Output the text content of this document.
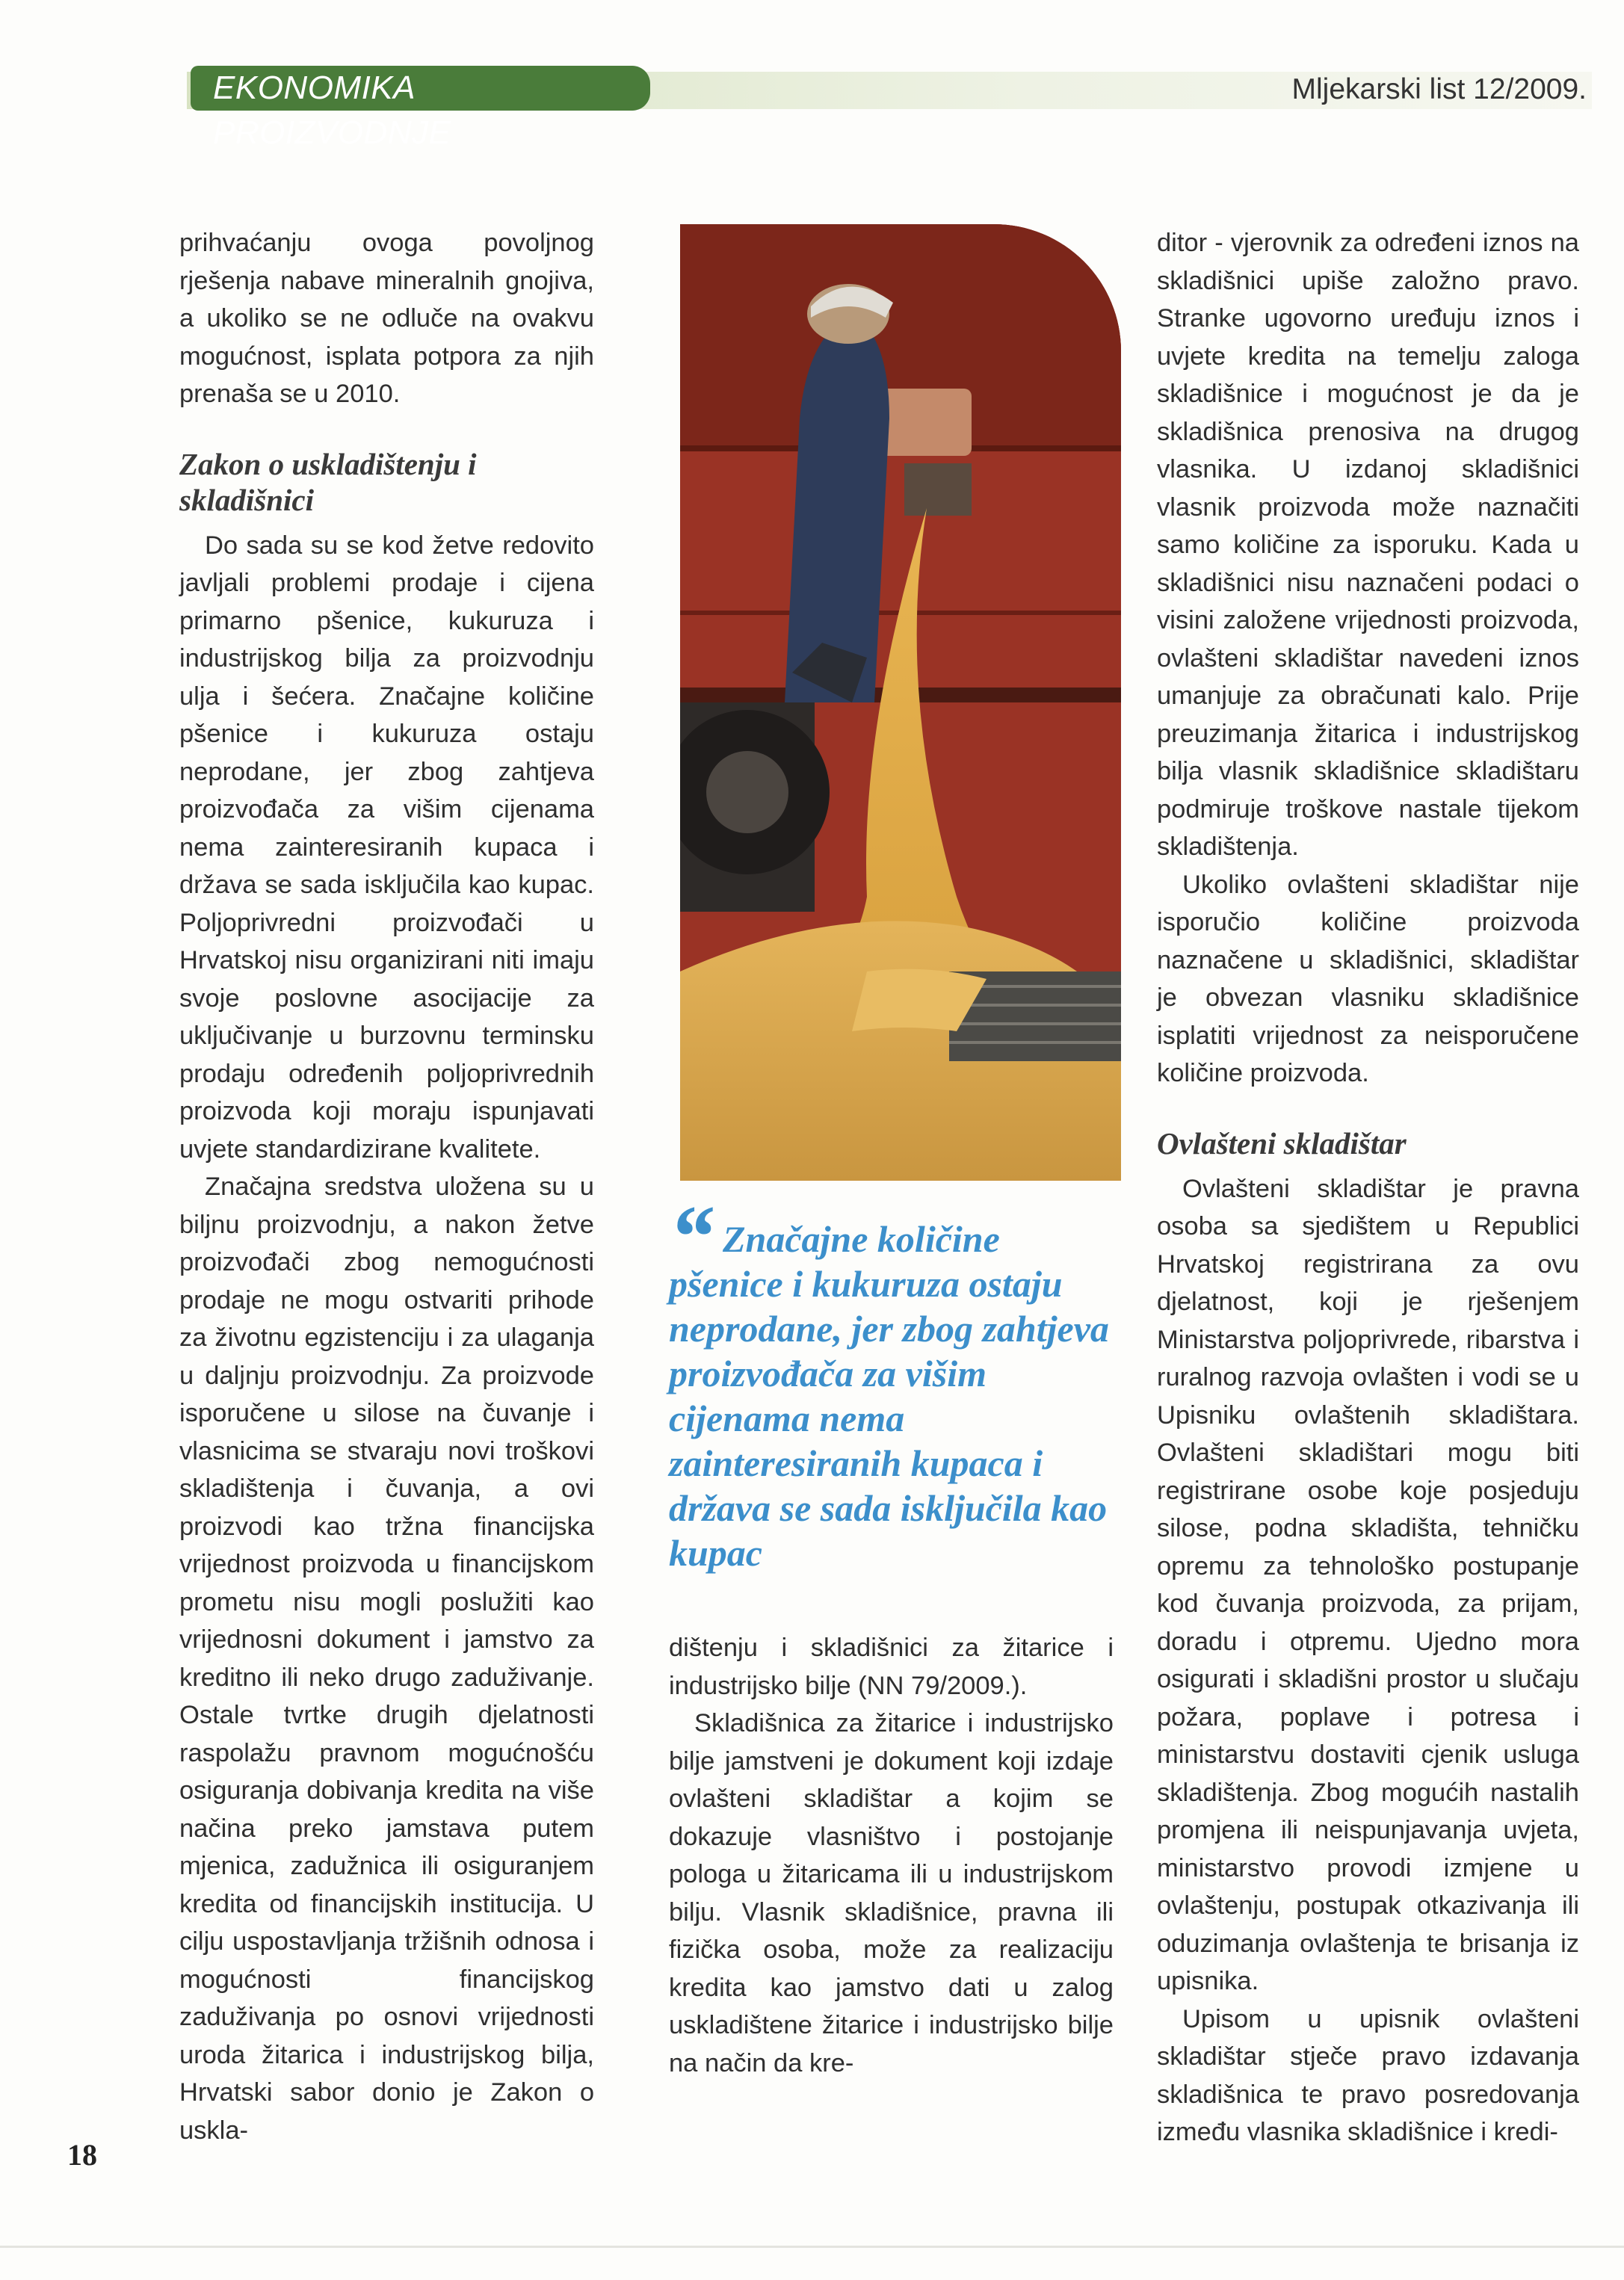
EKONOMIKA PROIZVODNJE
Mljekarski list 12/2009.

prihvaćanju ovoga povoljnog rješenja nabave mineralnih gnojiva, a ukoliko se ne odluče na ovakvu mogućnost, isplata potpora za njih prenaša se u 2010.

Zakon o uskladištenju i skladišnici

Do sada su se kod žetve redovito javljali problemi prodaje i cijena primarno pšenice, kukuruza i industrijskog bilja za proizvodnju ulja i šećera. Značajne količine pšenice i kukuruza ostaju neprodane, jer zbog zahtjeva proizvođača za višim cijenama nema zainteresiranih kupaca i država se sada isključila kao kupac. Poljoprivredni proizvođači u Hrvatskoj nisu organizirani niti imaju svoje poslovne asocijacije za uključivanje u burzovnu terminsku prodaju određenih poljoprivrednih proizvoda koji moraju ispunjavati uvjete standardizirane kvalitete.

Značajna sredstva uložena su u biljnu proizvodnju, a nakon žetve proizvođači zbog nemogućnosti prodaje ne mogu ostvariti prihode za životnu egzistenciju i za ulaganja u daljnju proizvodnju. Za proizvode isporučene u silose na čuvanje i vlasnicima se stvaraju novi troškovi skladištenja i čuvanja, a ovi proizvodi kao tržna financijska vrijednost proizvoda u financijskom prometu nisu mogli poslužiti kao vrijednosni dokument i jamstvo za kreditno ili neko drugo zaduživanje. Ostale tvrtke drugih djelatnosti raspolažu pravnom mogućnošću osiguranja dobivanja kredita na više načina preko jamstava putem mjenica, zadužnica ili osiguranjem kredita od financijskih institucija. U cilju uspostavljanja tržišnih odnosa i mogućnosti financijskog zaduživanja po osnovi vrijednosti uroda žitarica i industrijskog bilja, Hrvatski sabor donio je Zakon o uskla-

“ Značajne količine pšenice i kukuruza ostaju neprodane, jer zbog zahtjeva proizvođača za višim cijenama nema zainteresiranih kupaca i država se sada isključila kao kupac

dištenju i skladišnici za žitarice i industrijsko bilje (NN 79/2009.).

Skladišnica za žitarice i industrijsko bilje jamstveni je dokument koji izdaje ovlašteni skladištar a kojim se dokazuje vlasništvo i postojanje pologa u žitaricama ili u industrijskom bilju. Vlasnik skladišnice, pravna ili fizička osoba, može za realizaciju kredita kao jamstvo dati u zalog uskladištene žitarice i industrijsko bilje na način da kre-

ditor - vjerovnik za određeni iznos na skladišnici upiše založno pravo. Stranke ugovorno uređuju iznos i uvjete kredita na temelju zaloga skladišnice i mogućnost je da je skladišnica prenosiva na drugog vlasnika. U izdanoj skladišnici vlasnik proizvoda može naznačiti samo količine za isporuku. Kada u skladišnici nisu naznačeni podaci o visini založene vrijednosti proizvoda, ovlašteni skladištar navedeni iznos umanjuje za obračunati kalo. Prije preuzimanja žitarica i industrijskog bilja vlasnik skladišnice skladištaru podmiruje troškove nastale tijekom skladištenja.

Ukoliko ovlašteni skladištar nije isporučio količine proizvoda naznačene u skladišnici, skladištar je obvezan vlasniku skladišnice isplatiti vrijednost za neisporučene količine proizvoda.

Ovlašteni skladištar

Ovlašteni skladištar je pravna osoba sa sjedištem u Republici Hrvatskoj registrirana za ovu djelatnost, koji je rješenjem Ministarstva poljoprivrede, ribarstva i ruralnog razvoja ovlašten i vodi se u Upisniku ovlaštenih skladištara. Ovlašteni skladištari mogu biti registrirane osobe koje posjeduju silose, podna skladišta, tehničku opremu za tehnološko postupanje kod čuvanja proizvoda, za prijam, doradu i otpremu. Ujedno mora osigurati i skladišni prostor u slučaju požara, poplave i potresa i ministarstvu dostaviti cjenik usluga skladištenja. Zbog mogućih nastalih promjena ili neispunjavanja uvjeta, ministarstvo provodi izmjene u ovlaštenju, postupak otkazivanja ili oduzimanja ovlaštenja te brisanja iz upisnika.

Upisom u upisnik ovlašteni skladištar stječe pravo izdavanja skladišnica te pravo posredovanja između vlasnika skladišnice i kredi-

18
